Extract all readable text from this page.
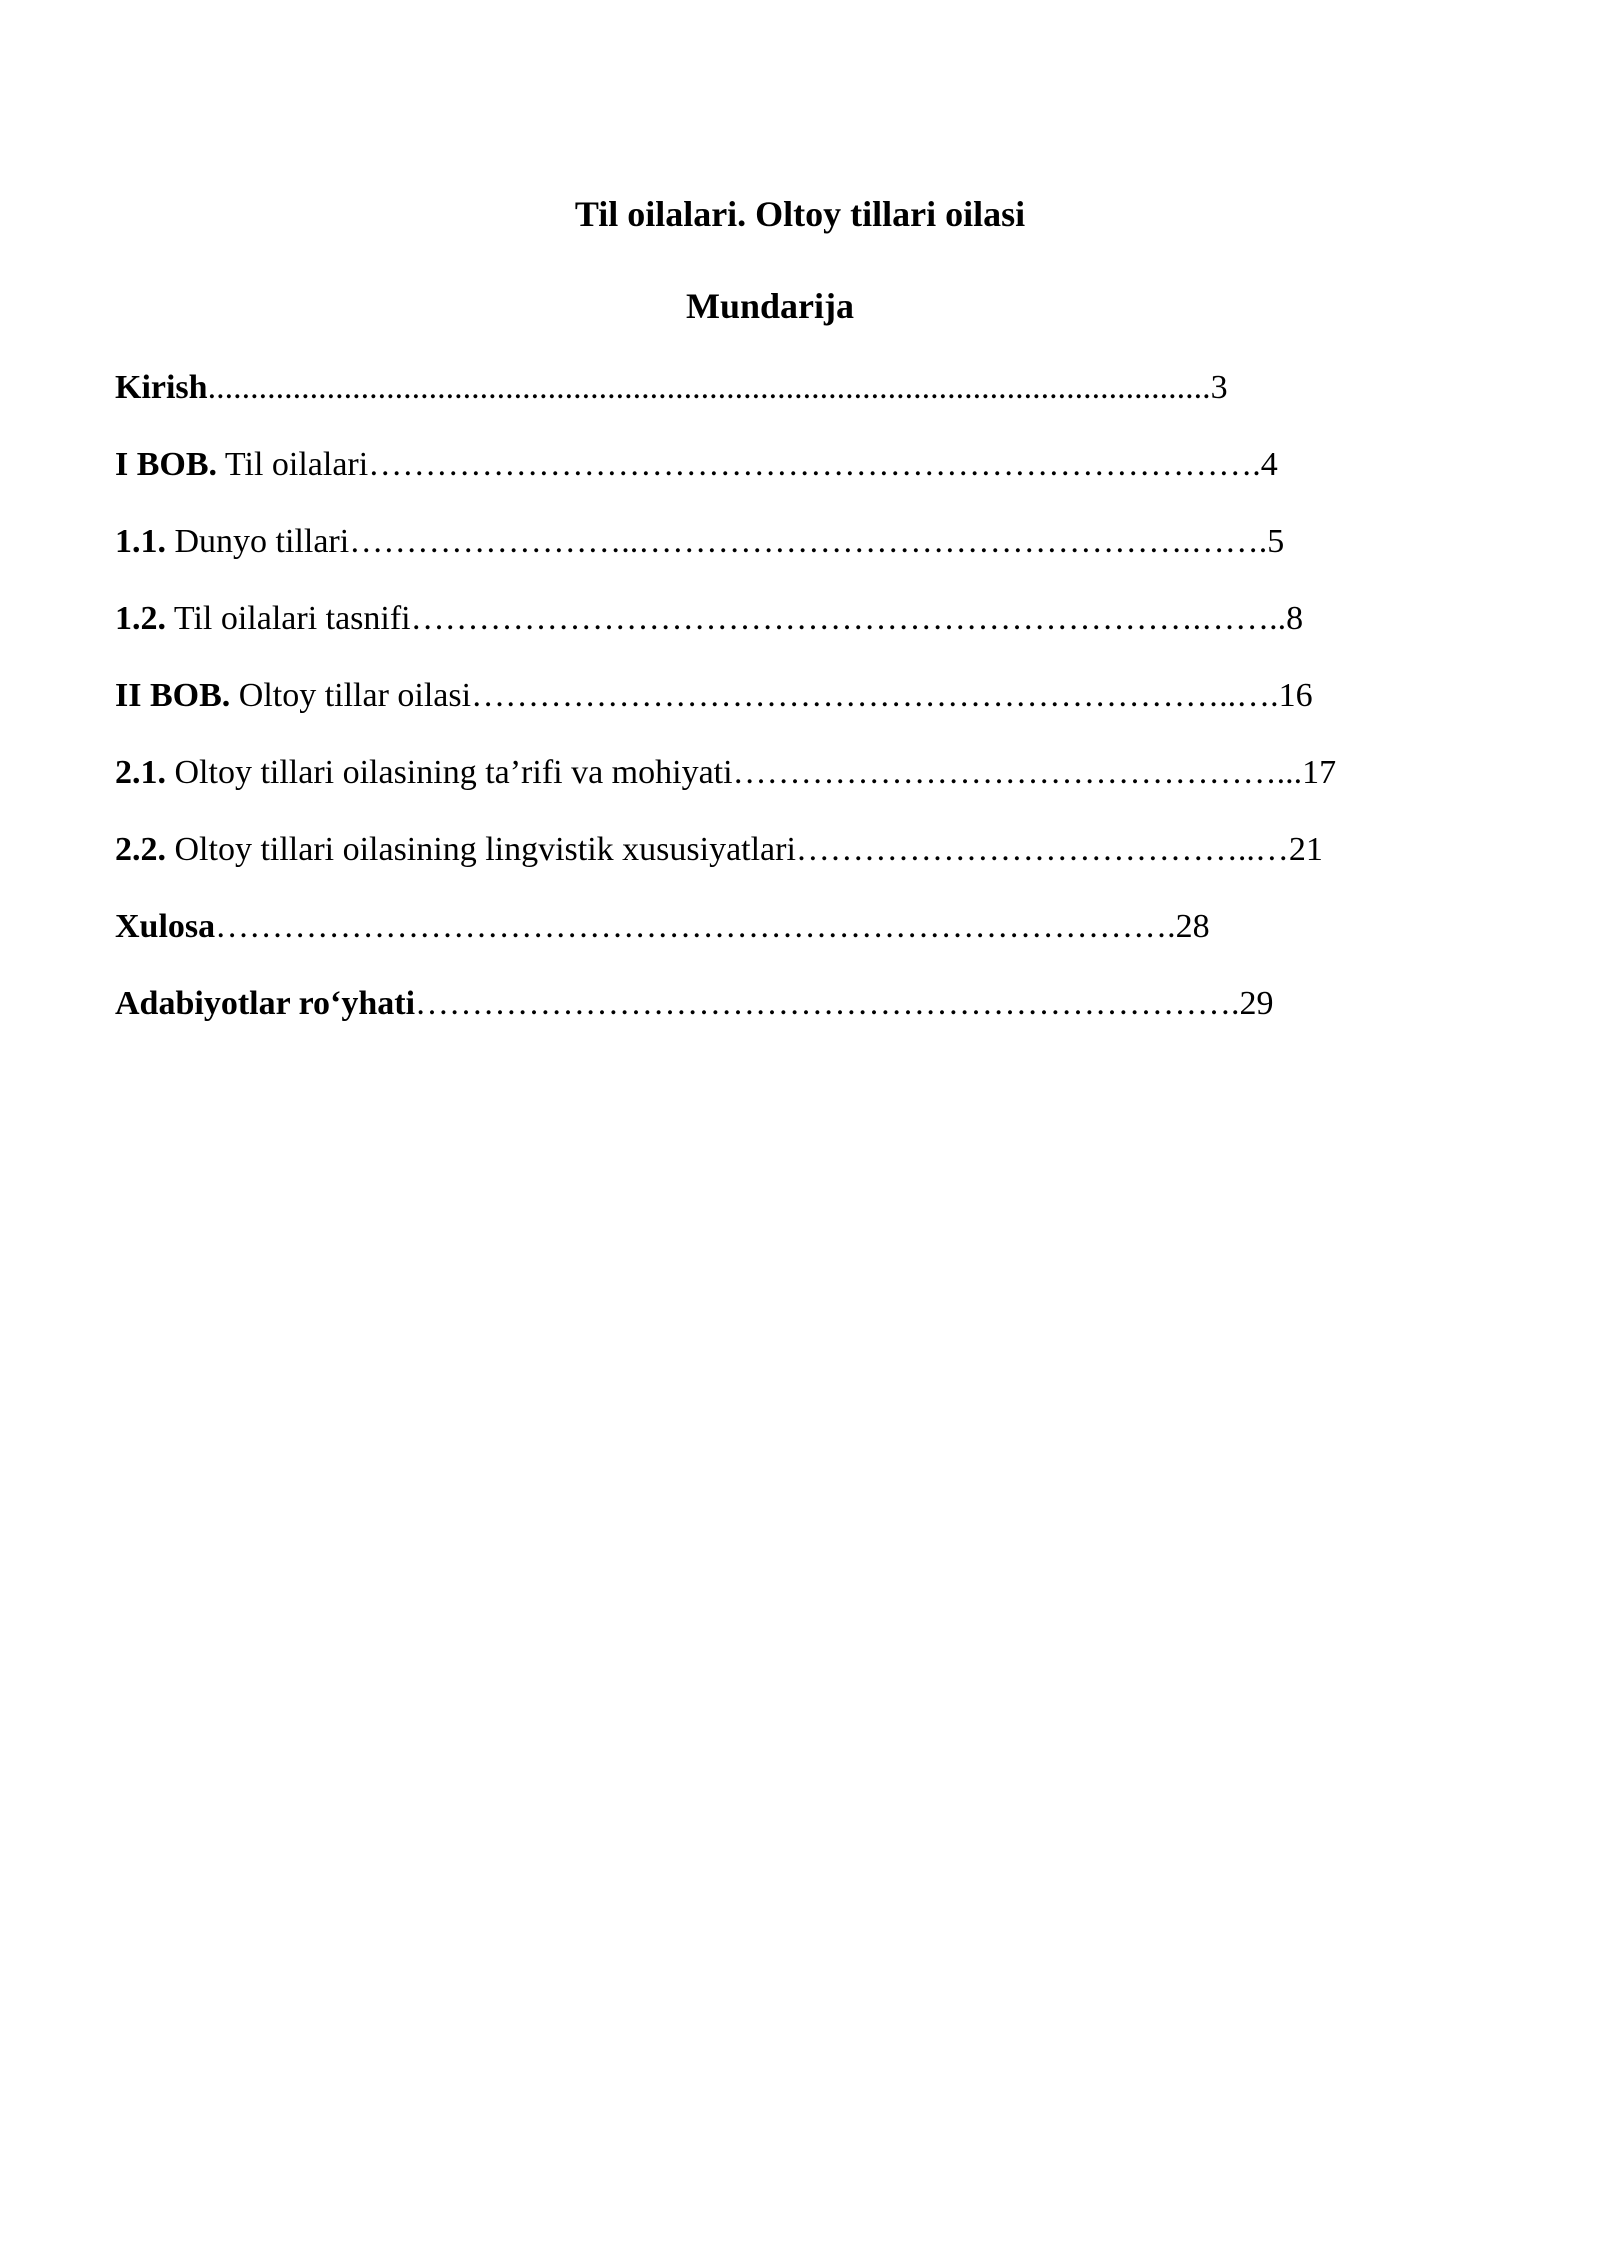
Til oilalari. Oltoy tillari oilasi
Mundarija
Kirish......................................................................................................................3
I BOB. Til oilalari…………………………………………………………………….4
1.1. Dunyo tillari……………………..………………………………………….…….5
1.2. Til oilalari tasnifi…………………………………………………………….……..8
II BOB. Oltoy tillar oilasi…………………………………………………………..….16
2.1. Oltoy tillari oilasining ta’rifi va mohiyati…………………………………………...17
2.2. Oltoy tillari oilasining lingvistik xususiyatlari…………………………………..…21
Xulosa………………………………………………………………………….28
Adabiyotlar ro‘yhati……………………………………………………………….29
